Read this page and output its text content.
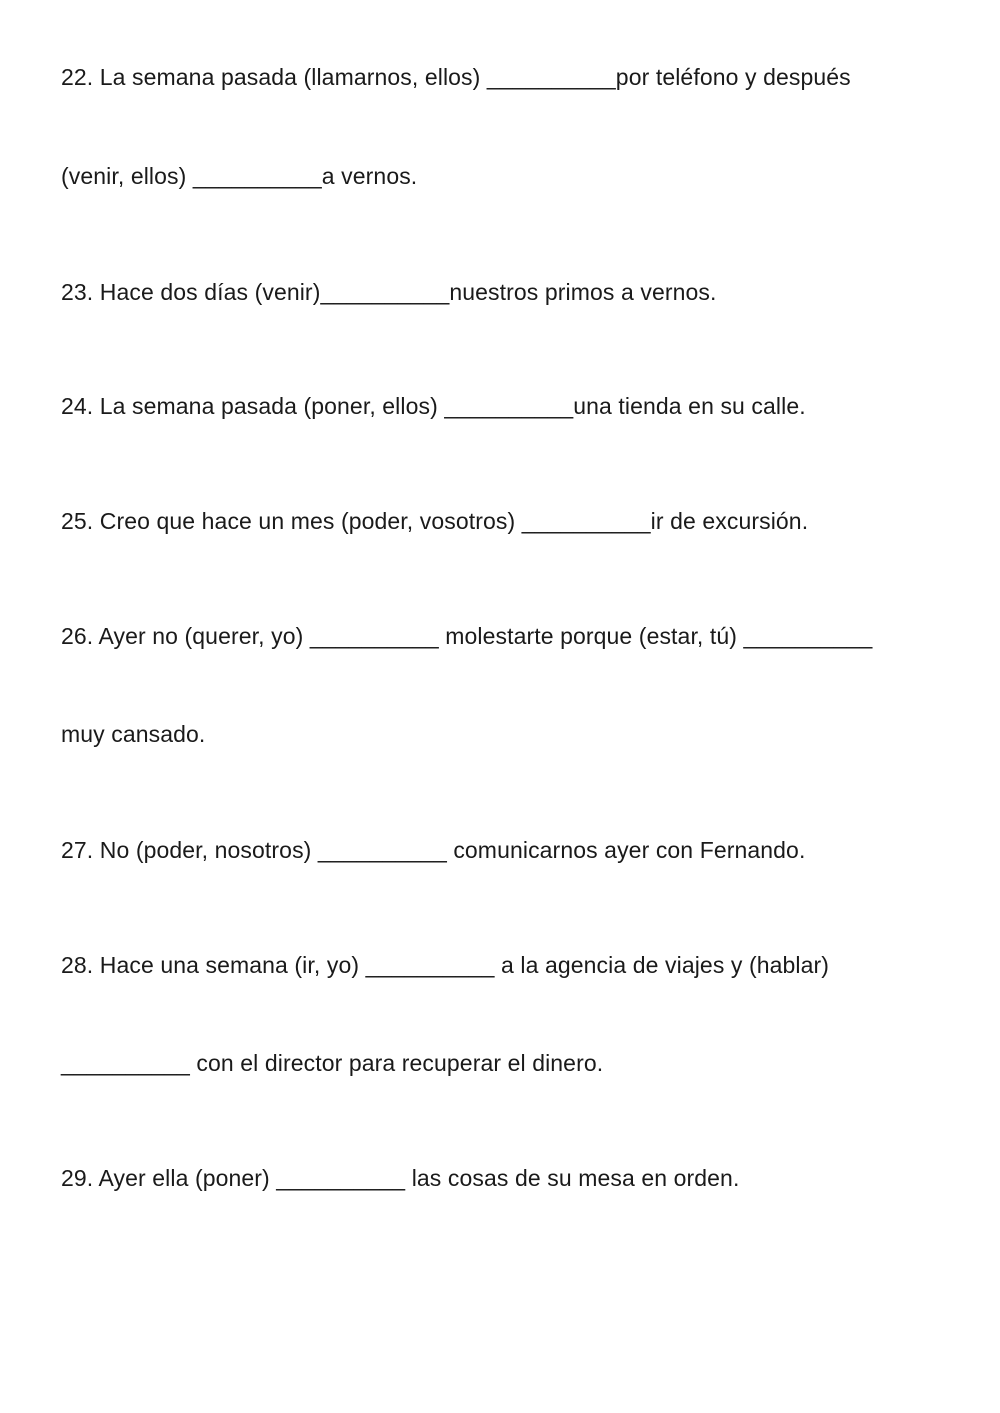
22. La semana pasada (llamarnos, ellos) __________por teléfono y después
(venir, ellos) __________a vernos.
23. Hace dos días (venir)__________nuestros primos a vernos.
24. La semana pasada (poner, ellos) __________una tienda en su calle.
25. Creo que hace un mes (poder, vosotros) __________ir de excursión.
26. Ayer no (querer, yo) __________ molestarte porque (estar, tú) __________
muy cansado.
27. No (poder, nosotros) __________ comunicarnos ayer con Fernando.
28. Hace una semana (ir, yo) __________ a la agencia de viajes y (hablar)
__________ con el director para recuperar el dinero.
29. Ayer ella (poner) __________ las cosas de su mesa en orden.
